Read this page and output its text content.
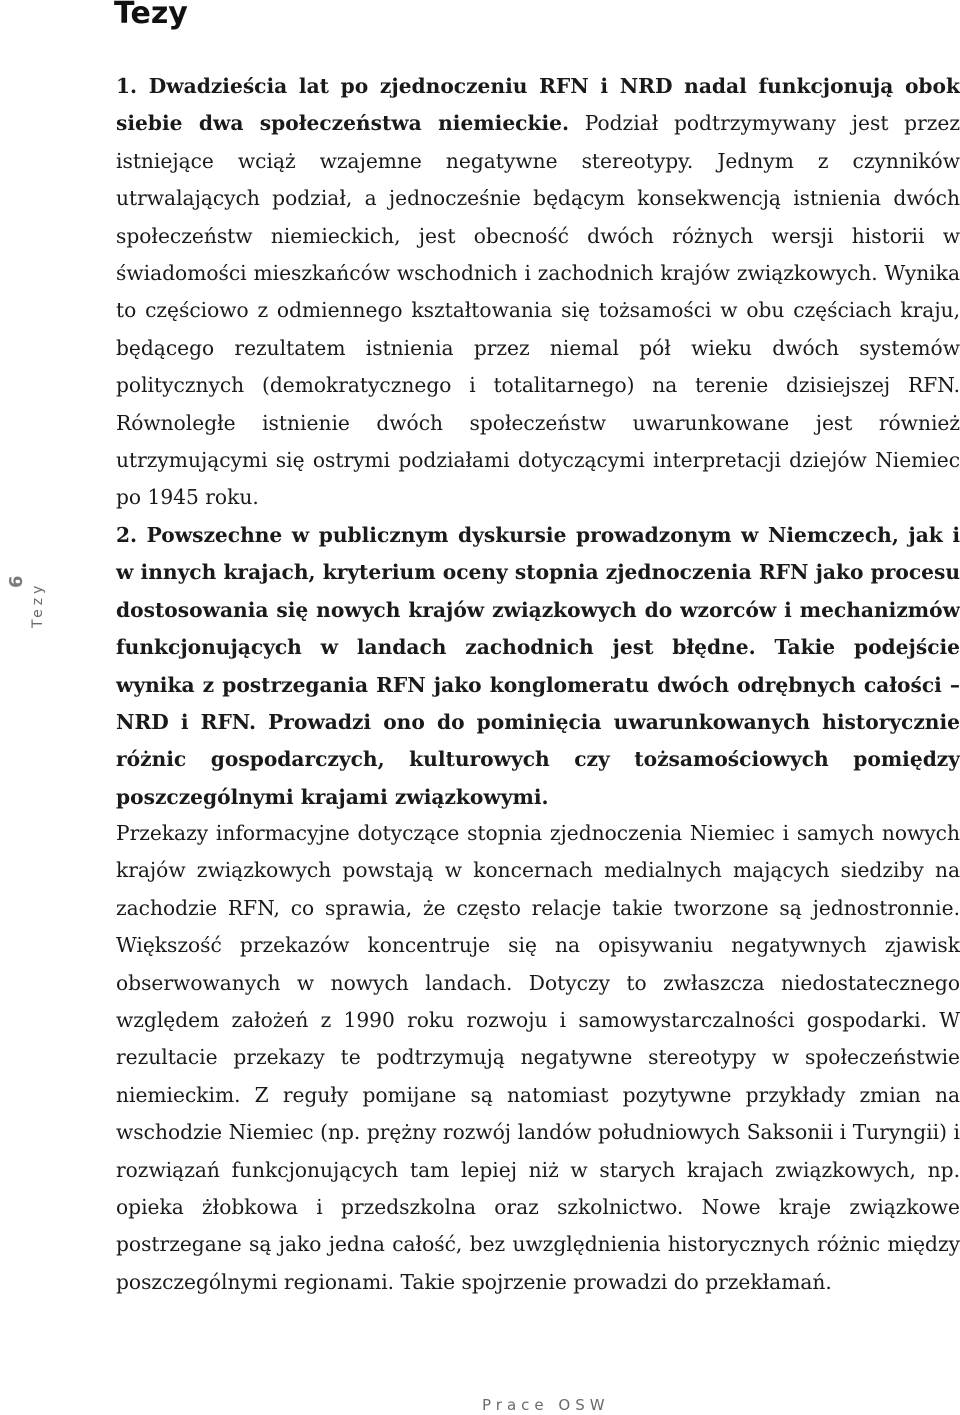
Tezy

1. Dwadzieścia lat po zjednoczeniu RFN i NRD nadal funkcjonują obok siebie dwa społeczeństwa niemieckie. Podział podtrzymywany jest przez istniejące wciąż wzajemne negatywne stereotypy. Jednym z czynników utrwalających podział, a jednocześnie będącym konsekwencją istnienia dwóch społeczeństw niemieckich, jest obecność dwóch różnych wersji historii w świadomości mieszkańców wschodnich i zachodnich krajów związkowych. Wynika to częściowo z odmiennego kształtowania się tożsamości w obu częściach kraju, będącego rezultatem istnienia przez niemal pół wieku dwóch systemów politycznych (demokratycznego i totalitarnego) na terenie dzisiejszej RFN. Równoległe istnienie dwóch społeczeństw uwarunkowane jest również utrzymującymi się ostrymi podziałami dotyczącymi interpretacji dziejów Niemiec po 1945 roku.

2. Powszechne w publicznym dyskursie prowadzonym w Niemczech, jak i w innych krajach, kryterium oceny stopnia zjednoczenia RFN jako procesu dostosowania się nowych krajów związkowych do wzorców i mechanizmów funkcjonujących w landach zachodnich jest błędne. Takie podejście wynika z postrzegania RFN jako konglomeratu dwóch odrębnych całości – NRD i RFN. Prowadzi ono do pominięcia uwarunkowanych historycznie różnic gospodarczych, kulturowych czy tożsamościowych pomiędzy poszczególnymi krajami związkowymi.

Przekazy informacyjne dotyczące stopnia zjednoczenia Niemiec i samych nowych krajów związkowych powstają w koncernach medialnych mających siedziby na zachodzie RFN, co sprawia, że często relacje takie tworzone są jednostronnie. Większość przekazów koncentruje się na opisywaniu negatywnych zjawisk obserwowanych w nowych landach. Dotyczy to zwłaszcza niedostatecznego względem założeń z 1990 roku rozwoju i samowystarczalności gospodarki. W rezultacie przekazy te podtrzymują negatywne stereotypy w społeczeństwie niemieckim. Z reguły pomijane są natomiast pozytywne przykłady zmian na wschodzie Niemiec (np. prężny rozwój landów południowych Saksonii i Turyngii) i rozwiązań funkcjonujących tam lepiej niż w starych krajach związkowych, np. opieka żłobkowa i przedszkolna oraz szkolnictwo. Nowe kraje związkowe postrzegane są jako jedna całość, bez uwzględnienia historycznych różnic między poszczególnymi regionami. Takie spojrzenie prowadzi do przekłamań.

6 Tezy

Prace OSW
